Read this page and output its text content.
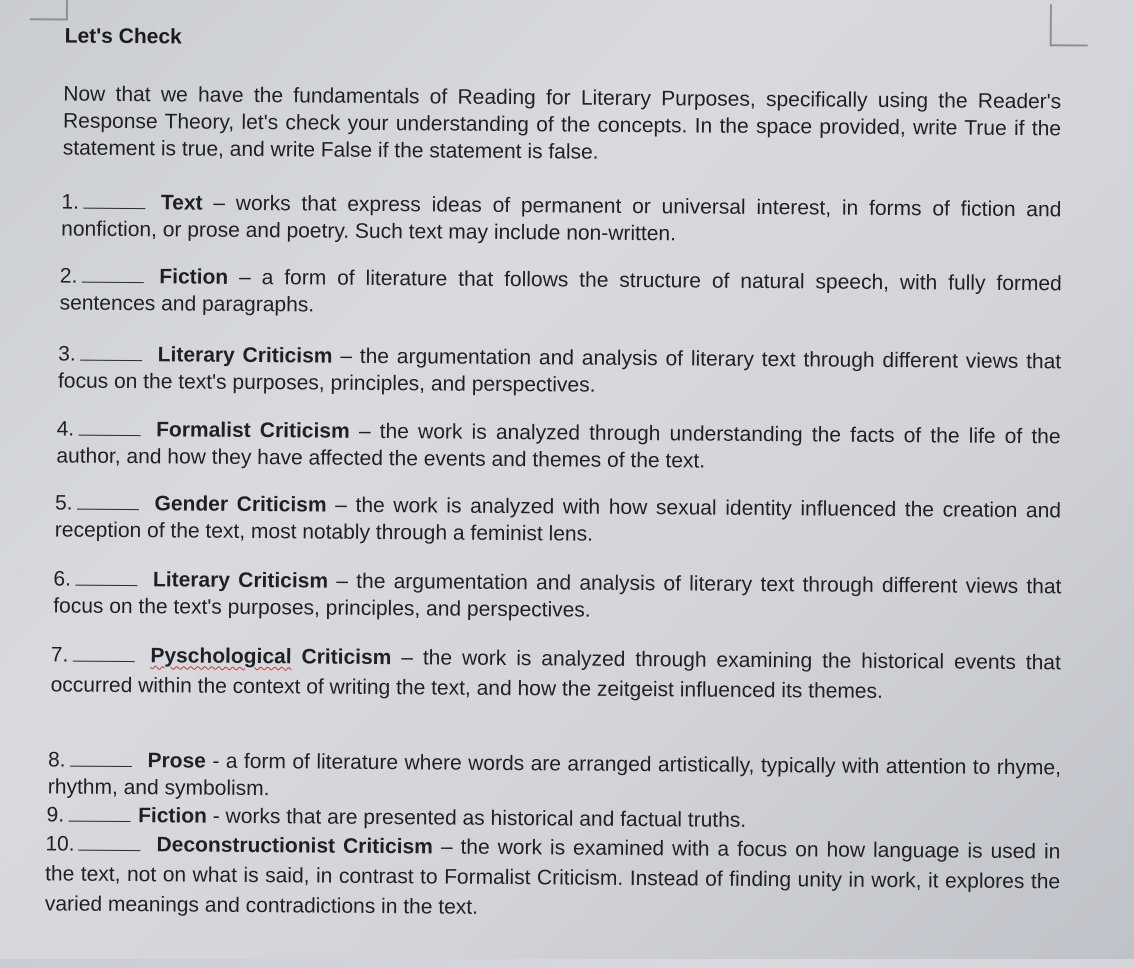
Let's Check

Now that we have the fundamentals of Reading for Literary Purposes, specifically using the Reader's Response Theory, let's check your understanding of the concepts. In the space provided, write True if the statement is true, and write False if the statement is false.

1.	Text – works that express ideas of permanent or universal interest, in forms of fiction and nonfiction, or prose and poetry. Such text may include non-written.

2.	Fiction – a form of literature that follows the structure of natural speech, with fully formed sentences and paragraphs.

3.	Literary Criticism – the argumentation and analysis of literary text through different views that focus on the text's purposes, principles, and perspectives.

4.	Formalist Criticism – the work is analyzed through understanding the facts of the life of the author, and how they have affected the events and themes of the text.

5.	Gender Criticism – the work is analyzed with how sexual identity influenced the creation and reception of the text, most notably through a feminist lens.

6.	Literary Criticism – the argumentation and analysis of literary text through different views that focus on the text's purposes, principles, and perspectives.

7.	Pyschological Criticism – the work is analyzed through examining the historical events that occurred within the context of writing the text, and how the zeitgeist influenced its themes.

8.	Prose - a form of literature where words are arranged artistically, typically with attention to rhyme, rhythm, and symbolism.

9.	Fiction - works that are presented as historical and factual truths.

10.	Deconstructionist Criticism – the work is examined with a focus on how language is used in the text, not on what is said, in contrast to Formalist Criticism. Instead of finding unity in work, it explores the varied meanings and contradictions in the text.
